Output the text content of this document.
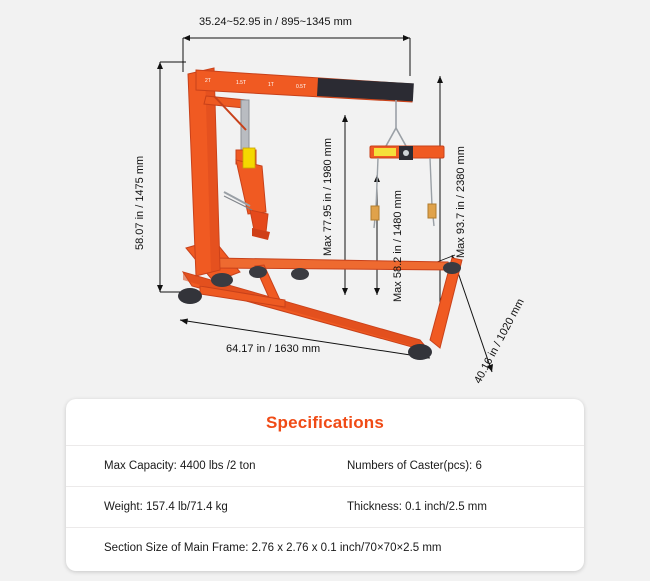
2T	1.5T	1T	0.5T
35.24~52.95 in / 895~1345 mm
58.07 in / 1475 mm	Max 77.95 in / 1980 mm	Max 58.2 in / 1480 mm	Max 93.7 in / 2380 mm
64.17 in / 1630 mm	40.16 in / 1020 mm
Specifications
Max Capacity: 4400 lbs /2 ton	Numbers of Caster(pcs): 6
Weight: 157.4 lb/71.4 kg	Thickness: 0.1 inch/2.5 mm
Section Size of Main Frame: 2.76 x 2.76 x 0.1 inch/70×70×2.5 mm
